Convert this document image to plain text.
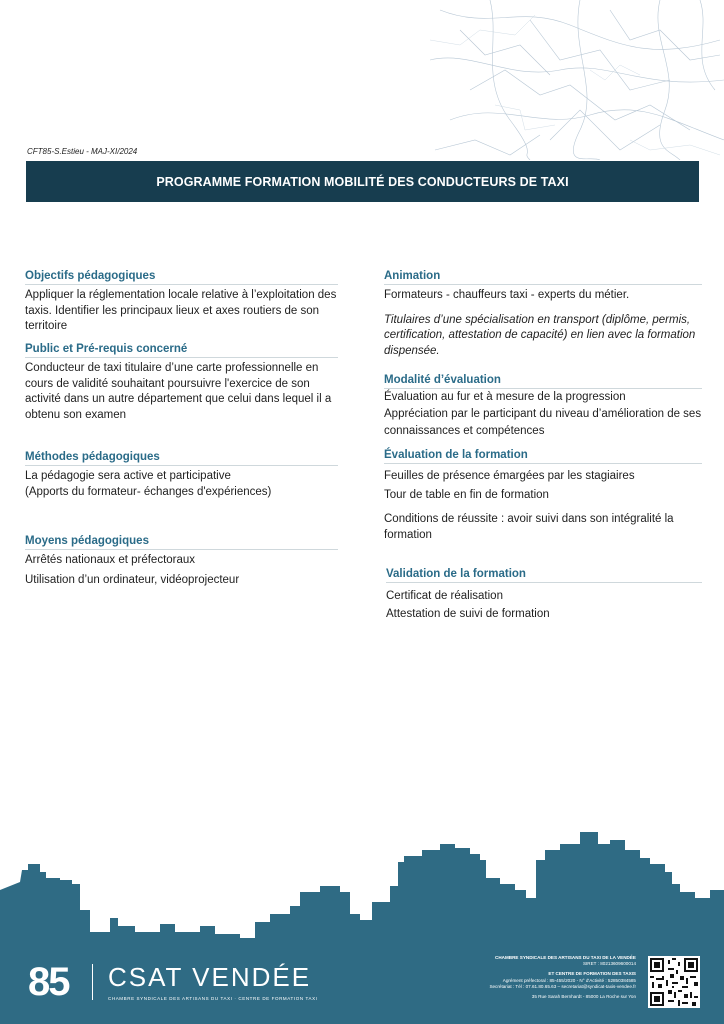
CFT85-S.Estieu - MAJ-XI/2024
PROGRAMME FORMATION MOBILITÉ DES CONDUCTEURS DE TAXI
Objectifs pédagogiques

Appliquer la réglementation locale relative à l’exploitation des taxis. Identifier les principaux lieux et axes routiers de son territoire

Public et Pré-requis concerné

Conducteur de taxi titulaire d’une carte professionnelle en cours de validité souhaitant poursuivre l'exercice de son activité dans un autre département que celui dans lequel il a obtenu son examen

Méthodes pédagogiques

La pédagogie sera active et participative

(Apports du formateur- échanges d'expériences)

Moyens pédagogiques

Arrêtés nationaux et préfectoraux

Utilisation d’un ordinateur, vidéoprojecteur

Animation

Formateurs - chauffeurs taxi - experts du métier.

Titulaires d’une spécialisation en transport (diplôme, permis, certification, attestation de capacité) en lien avec la formation dispensée.

Modalité d’évaluation

Évaluation au fur et à mesure de la progression

Appréciation par le participant du niveau d’amélioration de ses connaissances et compétences

Évaluation de la formation

Feuilles de présence émargées par les stagiaires

Tour de table en fin de formation

Conditions de réussite : avoir suivi dans son intégralité la formation

Validation de la formation

Certificat de réalisation

Attestation de suivi de formation

85 CSAT VENDÉE
CHAMBRE SYNDICALE DES ARTISANS DU TAXI · CENTRE DE FORMATION TAXI
CHAMBRE SYNDICALE DES ARTISANS DU TAXI DE LA VENDÉE
SIRET : 80213609600014
ET CENTRE DE FORMATION DES TAXIS
Agrément préfectoral : 85-455/2020 - N° d'Activité : 52850384585
Secrétariat : Tél : 07.61.80.65.63 – secretariat@syndicat-taxis-vendee.fr
35 Rue Sarah Bernhardt - 85000 La Roche sur Yon
